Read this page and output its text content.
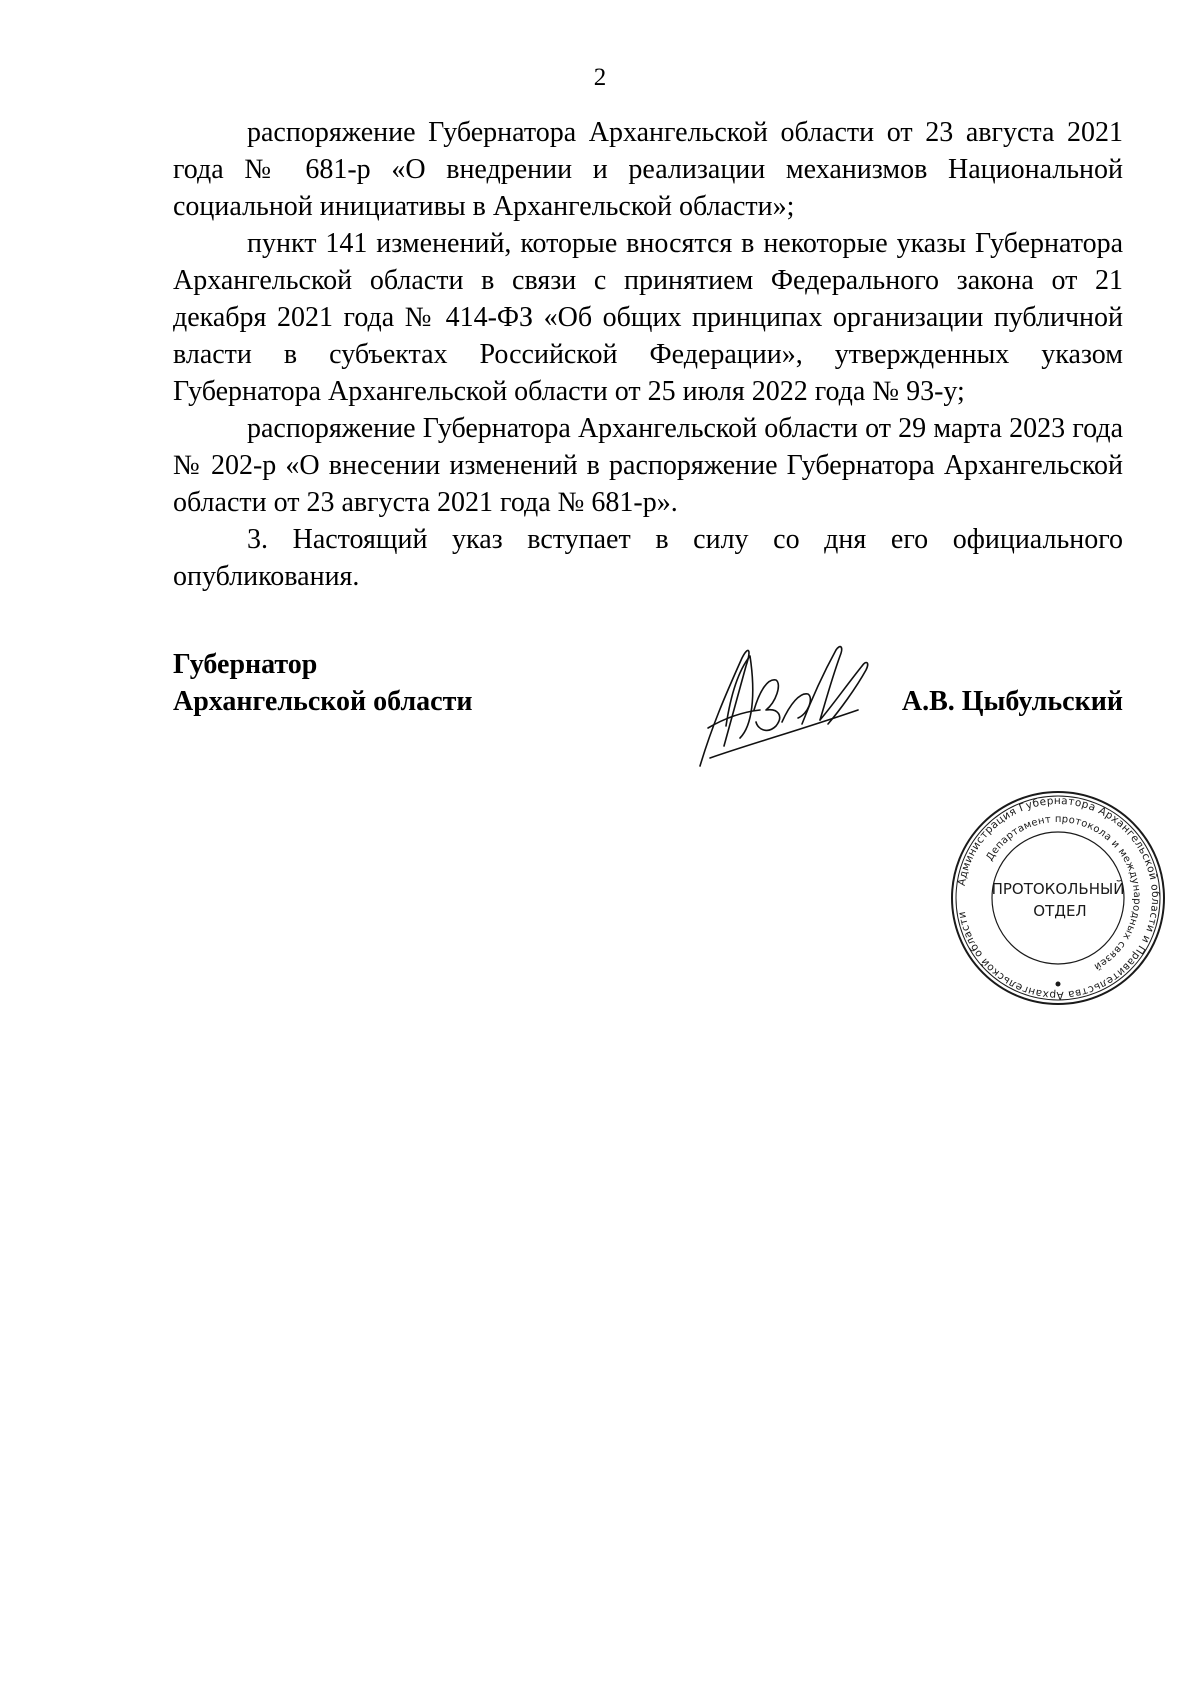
2

распоряжение Губернатора Архангельской области от 23 августа 2021 года № 681-р «О внедрении и реализации механизмов Национальной социальной инициативы в Архангельской области»;

пункт 141 изменений, которые вносятся в некоторые указы Губернатора Архангельской области в связи с принятием Федерального закона от 21 декабря 2021 года № 414-ФЗ «Об общих принципах организации публичной власти в субъектах Российской Федерации», утвержденных указом Губернатора Архангельской области от 25 июля 2022 года № 93-у;

распоряжение Губернатора Архангельской области от 29 марта 2023 года № 202-р «О внесении изменений в распоряжение Губернатора Архангельской области от 23 августа 2021 года № 681-р».

3. Настоящий указ вступает в силу со дня его официального опубликования.

Губернатор
Архангельской области	А.В. Цыбульский
Администрация Губернатора Архангельской области и Правительства Архангельской области
Департамент протокола и международных связей
ПРОТОКОЛЬНЫЙ
ОТДЕЛ
